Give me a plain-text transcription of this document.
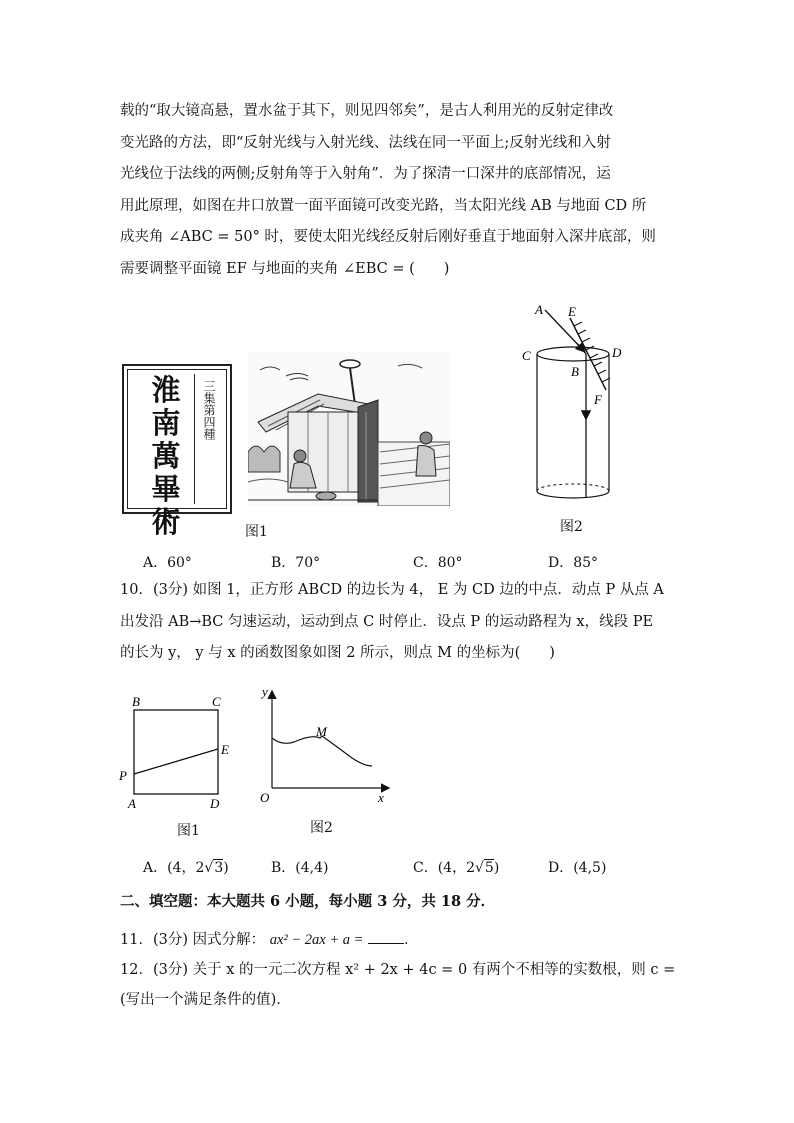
载的“取大镜高悬，置水盆于其下，则见四邻矣”，是古人利用光的反射定律改
变光路的方法，即“反射光线与入射光线、法线在同一平面上;反射光线和入射
光线位于法线的两侧;反射角等于入射角”．为了探清一口深井的底部情况，运
用此原理，如图在井口放置一面平面镜可改变光路，当太阳光线 AB 与地面 CD 所
成夹角 ∠ABC = 50° 时，要使太阳光线经反射后刚好垂直于地面射入深井底部，则
需要调整平面镜 EF 与地面的夹角 ∠EBC = (　　)
淮
南
萬
畢
術
三集第四種
图1
A E
C	D
B
F
图2
A．60°	B．70°	C．80°	D．85°
10．(3分) 如图 1，正方形 ABCD 的边长为 4， E 为 CD 边的中点．动点 P 从点 A
出发沿 AB→BC 匀速运动，运动到点 C 时停止．设点 P 的运动路程为 x，线段 PE
的长为 y， y 与 x 的函数图象如图 2 所示，则点 M 的坐标为(　　)
B	C
E
P
A	D
图1
y
M
O	x
图2
A．(4，2√3)	B．(4,4)	C．(4，2√5)	D．(4,5)
二、填空题：本大题共 6 小题，每小题 3 分，共 18 分．
11．(3分) 因式分解： ax² − 2ax + a =	．
12．(3分) 关于 x 的一元二次方程 x² + 2x + 4c = 0 有两个不相等的实数根，则 c =
(写出一个满足条件的值)．
